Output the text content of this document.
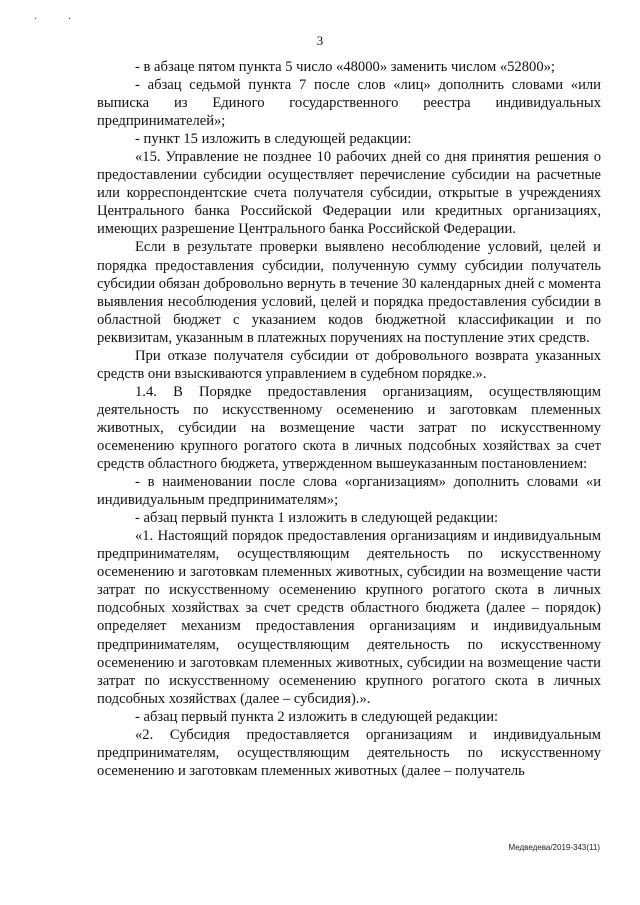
· ·
3

- в абзаце пятом пункта 5 число «48000» заменить числом «52800»;

- абзац седьмой пункта 7 после слов «лиц» дополнить словами «или выписка из Единого государственного реестра индивидуальных предпринимателей»;

- пункт 15 изложить в следующей редакции:

«15. Управление не позднее 10 рабочих дней со дня принятия решения о предоставлении субсидии осуществляет перечисление субсидии на расчетные или корреспондентские счета получателя субсидии, открытые в учреждениях Центрального банка Российской Федерации или кредитных организациях, имеющих разрешение Центрального банка Российской Федерации.

Если в результате проверки выявлено несоблюдение условий, целей и порядка предоставления субсидии, полученную сумму субсидии получатель субсидии обязан добровольно вернуть в течение 30 календарных дней с момента выявления несоблюдения условий, целей и порядка предоставления субсидии в областной бюджет с указанием кодов бюджетной классификации и по реквизитам, указанным в платежных поручениях на поступление этих средств.

При отказе получателя субсидии от добровольного возврата указанных средств они взыскиваются управлением в судебном порядке.».

1.4. В Порядке предоставления организациям, осуществляющим деятельность по искусственному осеменению и заготовкам племенных животных, субсидии на возмещение части затрат по искусственному осеменению крупного рогатого скота в личных подсобных хозяйствах за счет средств областного бюджета, утвержденном вышеуказанным постановлением:

- в наименовании после слова «организациям» дополнить словами «и индивидуальным предпринимателям»;

- абзац первый пункта 1 изложить в следующей редакции:

«1. Настоящий порядок предоставления организациям и индивидуальным предпринимателям, осуществляющим деятельность по искусственному осеменению и заготовкам племенных животных, субсидии на возмещение части затрат по искусственному осеменению крупного рогатого скота в личных подсобных хозяйствах за счет средств областного бюджета (далее – порядок) определяет механизм предоставления организациям и индивидуальным предпринимателям, осуществляющим деятельность по искусственному осеменению и заготовкам племенных животных, субсидии на возмещение части затрат по искусственному осеменению крупного рогатого скота в личных подсобных хозяйствах (далее – субсидия).».

- абзац первый пункта 2 изложить в следующей редакции:

«2. Субсидия предоставляется организациям и индивидуальным предпринимателям, осуществляющим деятельность по искусственному осеменению и заготовкам племенных животных (далее – получатель

Медведева/2019-343(11)
